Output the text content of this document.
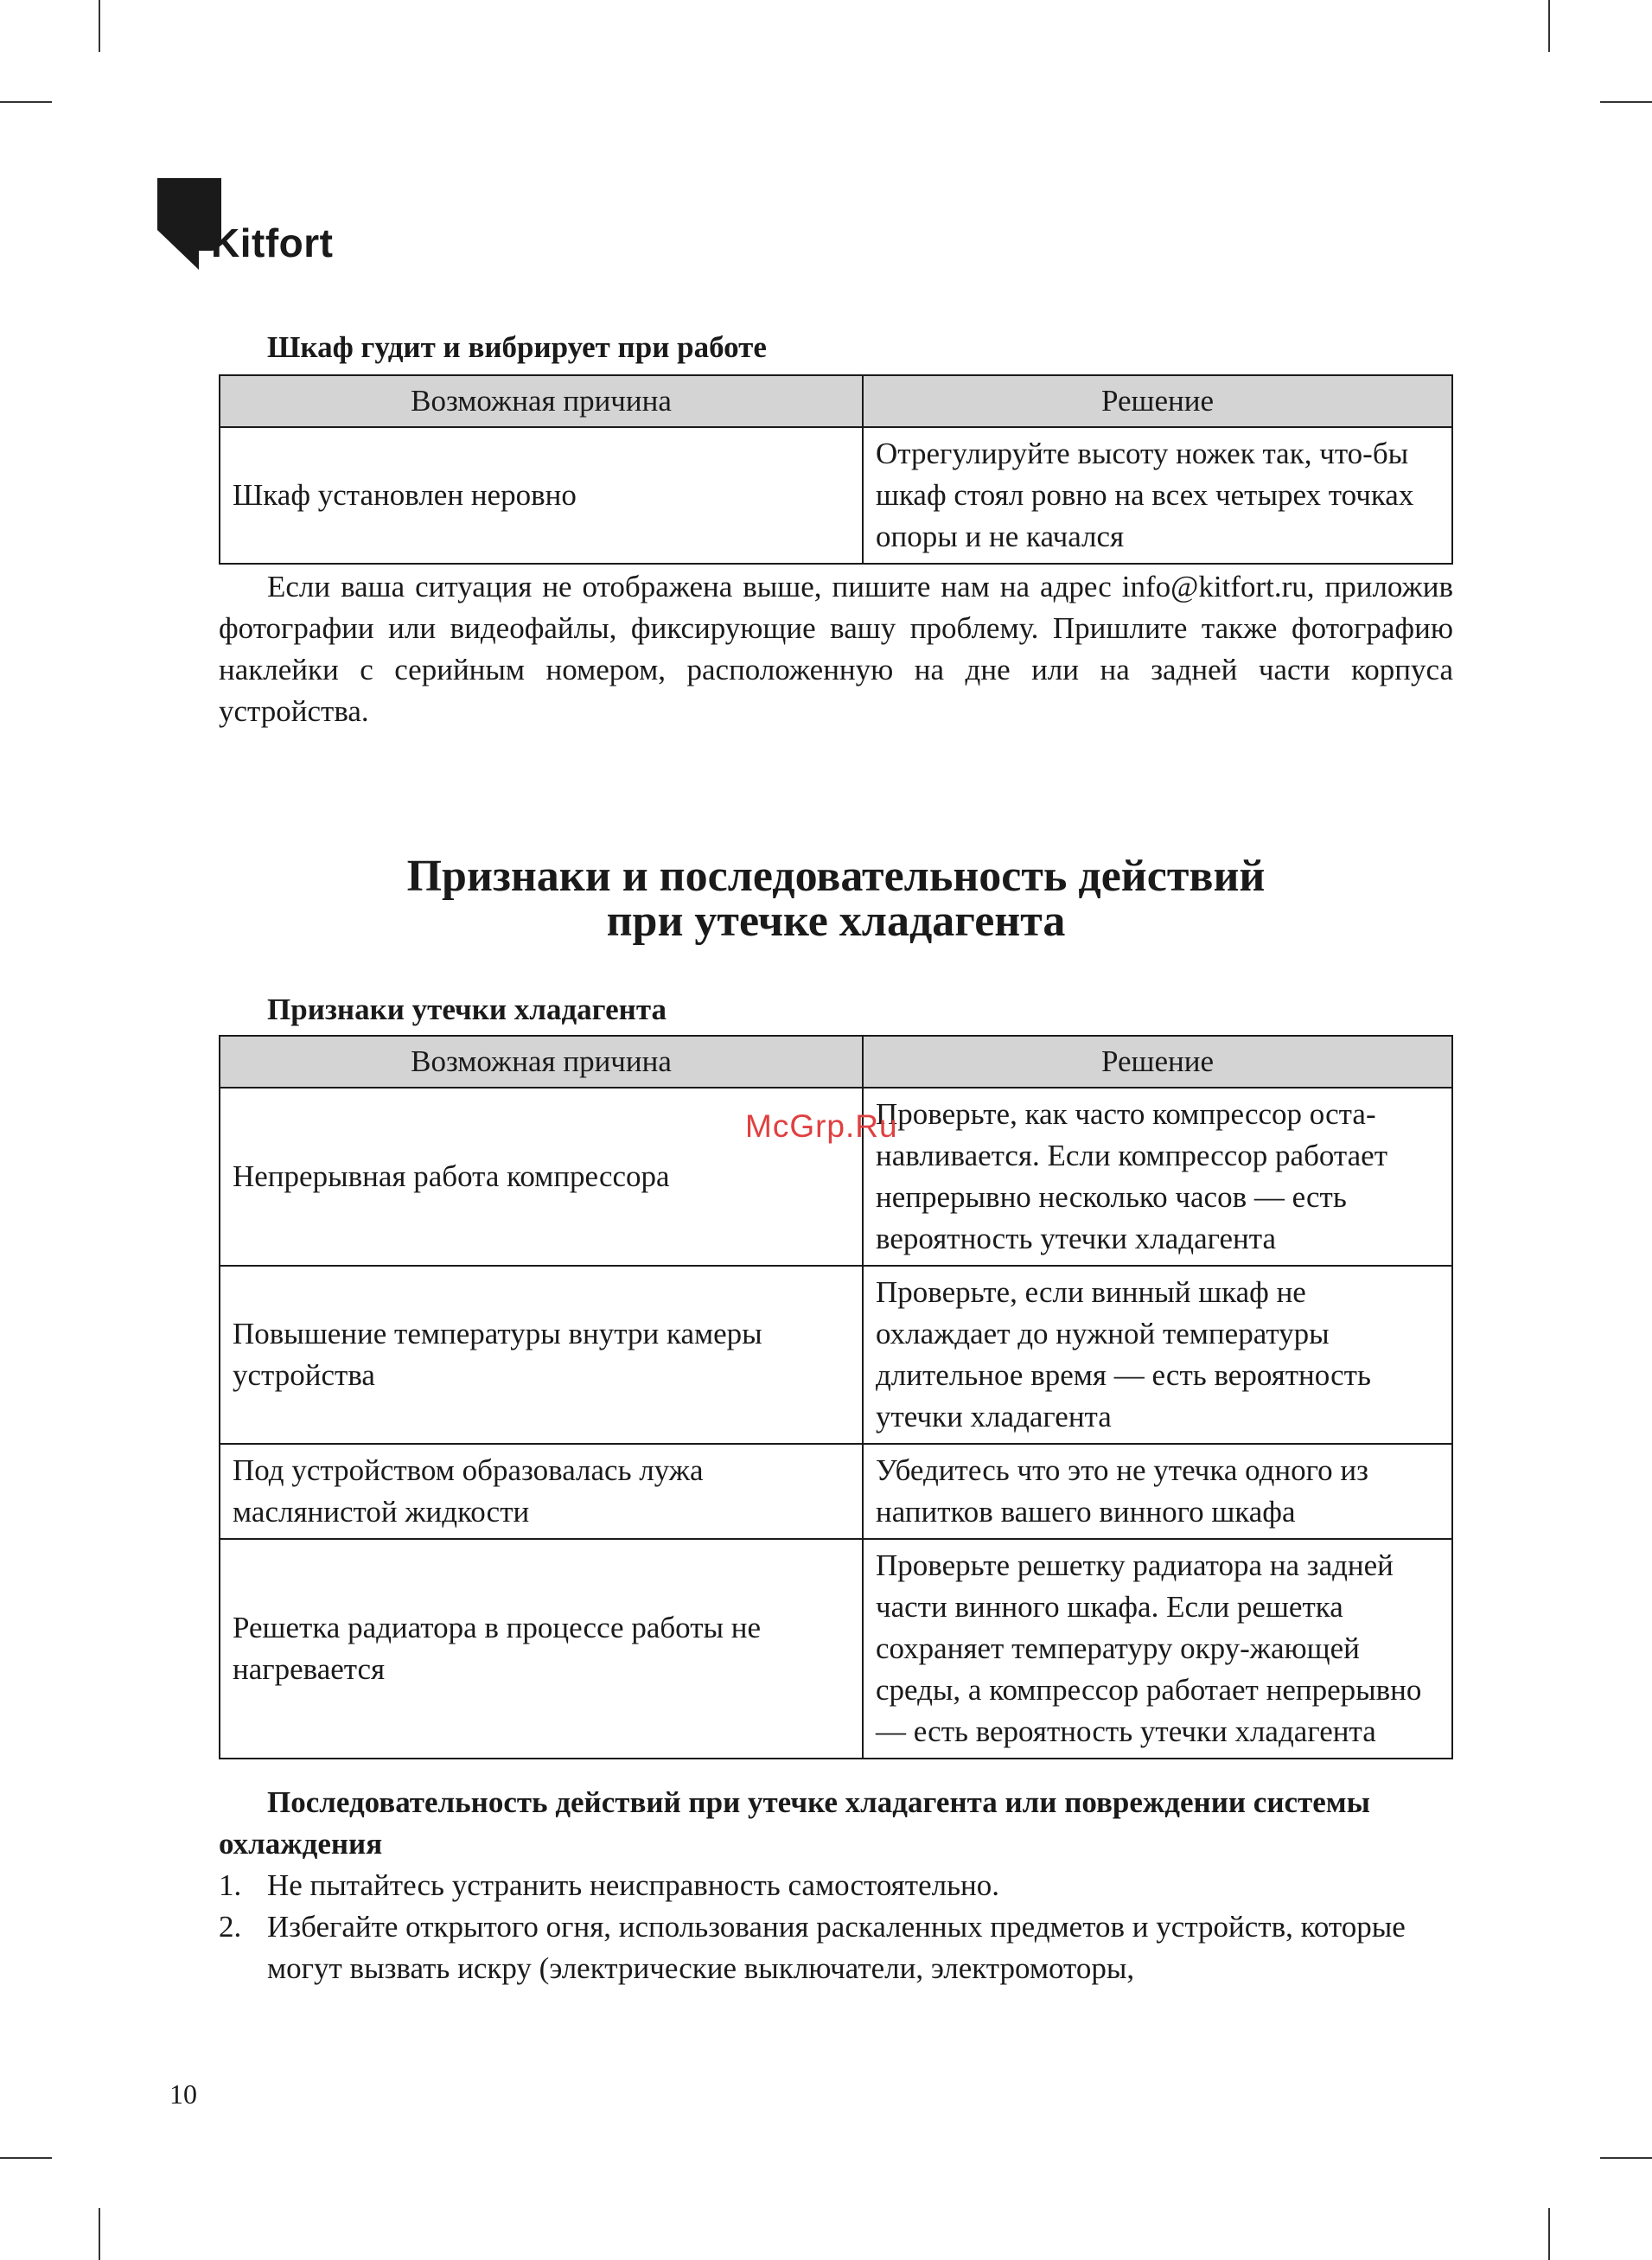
Kitfort

Шкаф гудит и вибрирует при работе

Возможная причина	Решение
Шкаф установлен неровно	Отрегулируйте высоту ножек так, что-бы шкаф стоял ровно на всех четырех точках опоры и не качался

Если ваша ситуация не отображена выше, пишите нам на адрес info@kitfort.ru, приложив фотографии или видеофайлы, фиксирующие вашу проблему. Пришлите также фотографию наклейки с серийным номером, расположенную на дне или на задней части корпуса устройства.

Признаки и последовательность действий
при утечке хладагента

Признаки утечки хладагента

Возможная причина	Решение
Непрерывная работа компрессора	Проверьте, как часто компрессор оста-навливается. Если компрессор работает непрерывно несколько часов — есть вероятность утечки хладагента
Повышение температуры внутри камеры устройства	Проверьте, если винный шкаф не охлаждает до нужной температуры длительное время — есть вероятность утечки хладагента
Под устройством образовалась лужа маслянистой жидкости	Убедитесь что это не утечка одного из напитков вашего винного шкафа
Решетка радиатора в процессе работы не нагревается	Проверьте решетку радиатора на задней части винного шкафа. Если решетка сохраняет температуру окру-жающей среды, а компрессор работает непрерывно — есть вероятность утечки хладагента

Последовательность действий при утечке хладагента или повреждении системы охлаждения

1. Не пытайтесь устранить неисправность самостоятельно.
2. Избегайте открытого огня, использования раскаленных предметов и устройств, которые могут вызвать искру (электрические выключатели, электромоторы,
McGrp.Ru
10
